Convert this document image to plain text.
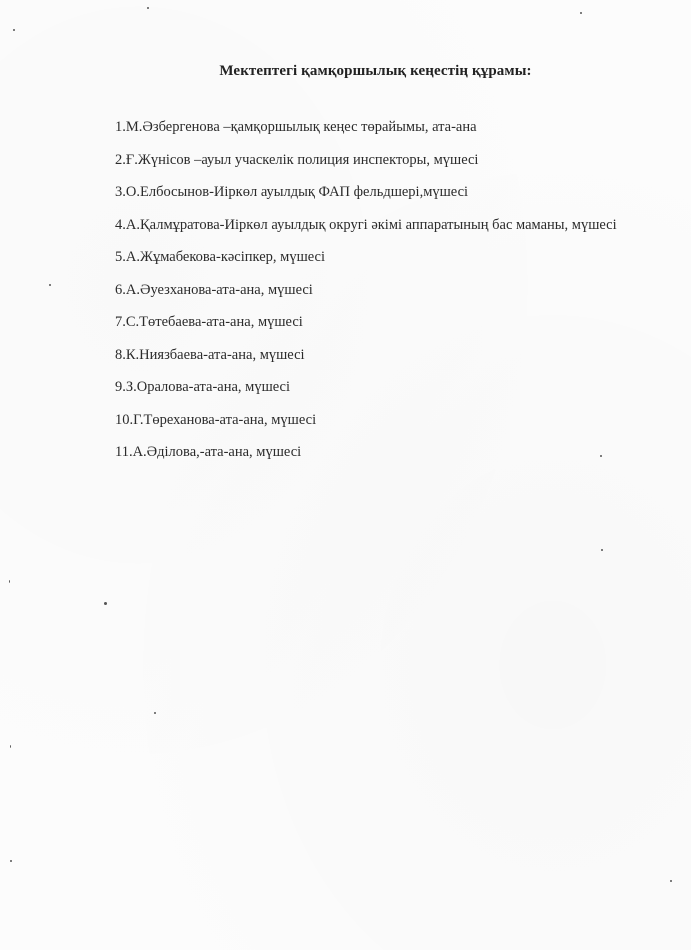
Мектептегі қамқоршылық кеңестің құрамы:
1.М.Әзбергенова –қамқоршылық кеңес төрайымы, ата-ана
2.Ғ.Жүнісов –ауыл учаскелік полиция инспекторы, мүшесі
3.О.Елбосынов-Иіркөл ауылдық ФАП фельдшері,мүшесі
4.А.Қалмұратова-Иіркөл ауылдық округі әкімі аппаратының бас маманы, мүшесі
5.А.Жұмабекова-кәсіпкер, мүшесі
6.А.Әуезханова-ата-ана, мүшесі
7.С.Төтебаева-ата-ана, мүшесі
8.К.Ниязбаева-ата-ана, мүшесі
9.З.Оралова-ата-ана, мүшесі
10.Г.Төреханова-ата-ана, мүшесі
11.А.Әділова,-ата-ана, мүшесі
